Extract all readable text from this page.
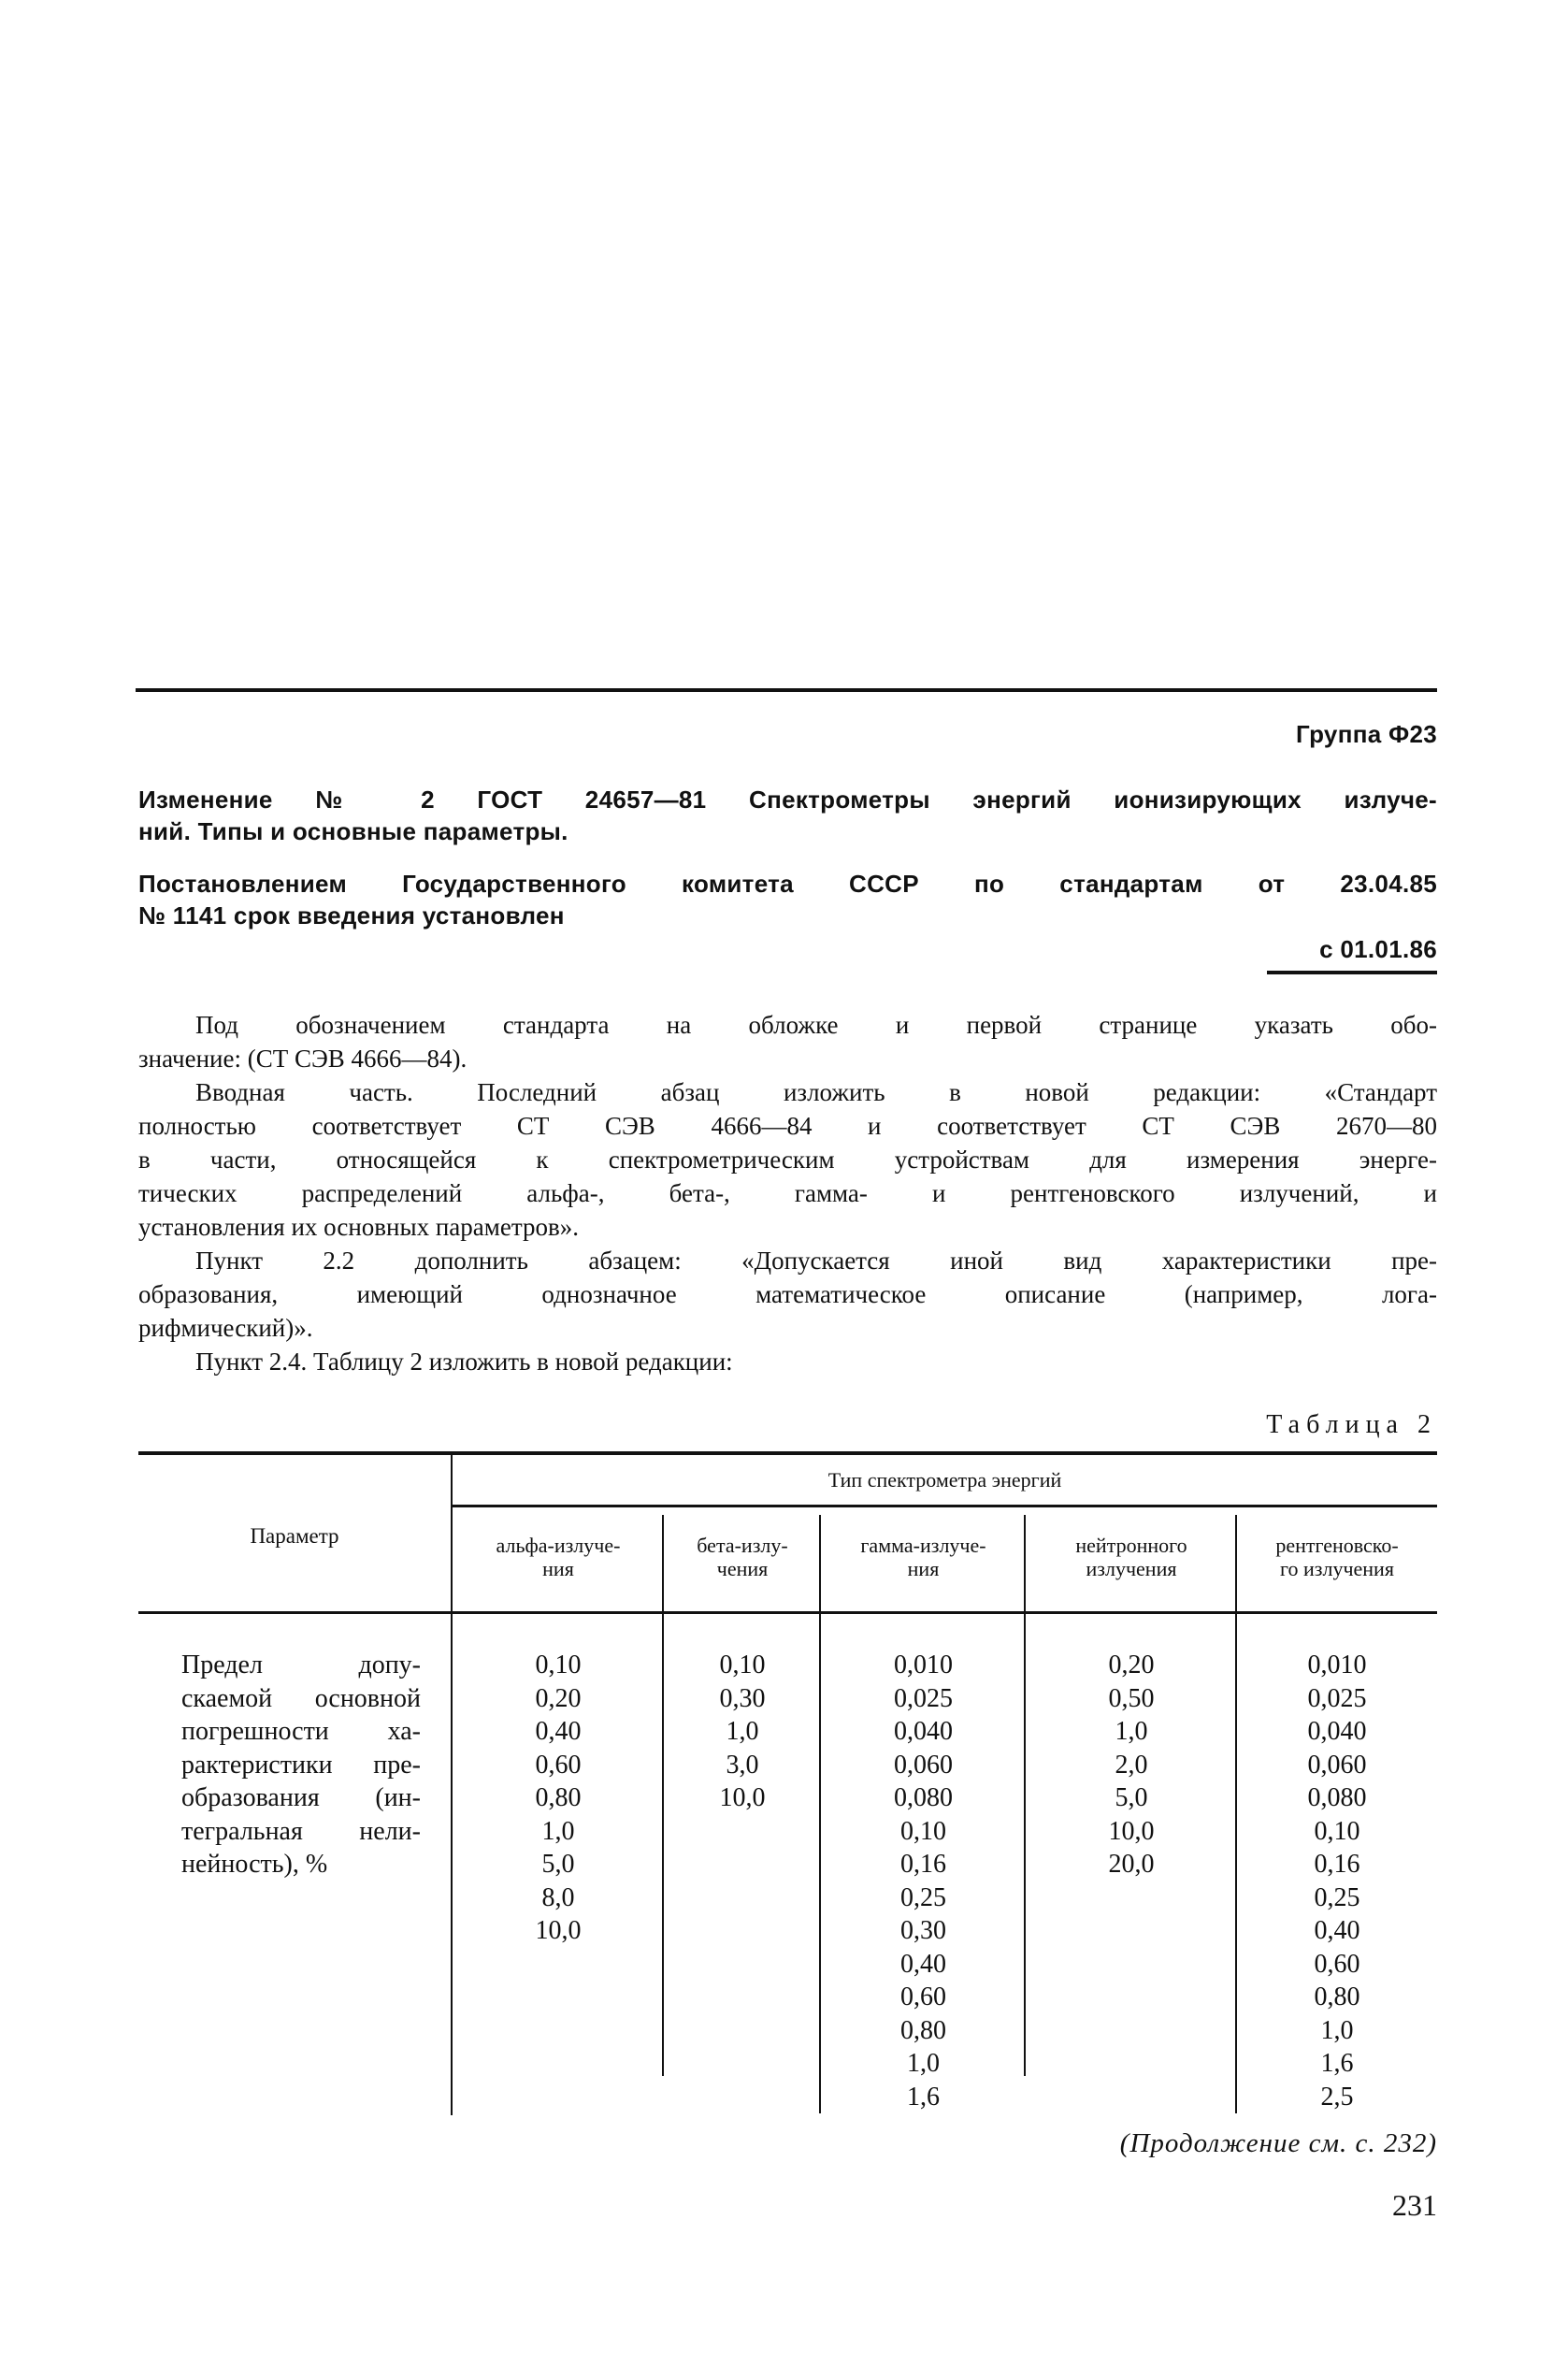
Группа Ф23
Изменение № 2 ГОСТ 24657—81 Спектрометры энергий ионизирующих излуче-
ний. Типы и основные параметры.
Постановлением Государственного комитета СССР по стандартам от 23.04.85
№ 1141 срок введения установлен
с 01.01.86
Под обозначением стандарта на обложке и первой странице указать обо-
значение: (СТ СЭВ 4666—84).
Вводная часть. Последний абзац изложить в новой редакции: «Стандарт
полностью соответствует СТ СЭВ 4666—84 и соответствует СТ СЭВ 2670—80
в части, относящейся к спектрометрическим устройствам для измерения энерге-
тических распределений альфа-, бета-, гамма- и рентгеновского излучений, и
установления их основных параметров».
Пункт 2.2 дополнить абзацем: «Допускается иной вид характеристики пре-
образования, имеющий однозначное математическое описание (например, лога-
рифмический)».
Пункт 2.4. Таблицу 2 изложить в новой редакции:
Таблица 2
Параметр
Тип спектрометра энергий
альфа-излуче-
ния
0,10
0,20
0,40
0,60
0,80
1,0
5,0
8,0
10,0
бета-излу-
чения
0,10
0,30
1,0
3,0
10,0
гамма-излуче-
ния
0,010
0,025
0,040
0,060
0,080
0,10
0,16
0,25
0,30
0,40
0,60
0,80
1,0
1,6
нейтронного
излучения
0,20
0,50
1,0
2,0
5,0
10,0
20,0
рентгеновско-
го излучения
0,010
0,025
0,040
0,060
0,080
0,10
0,16
0,25
0,40
0,60
0,80
1,0
1,6
2,5
Предел допу-
скаемой основной
погрешности ха-
рактеристики пре-
образования (ин-
тегральная нели-
нейность), %
(Продолжение см. с. 232)
231
